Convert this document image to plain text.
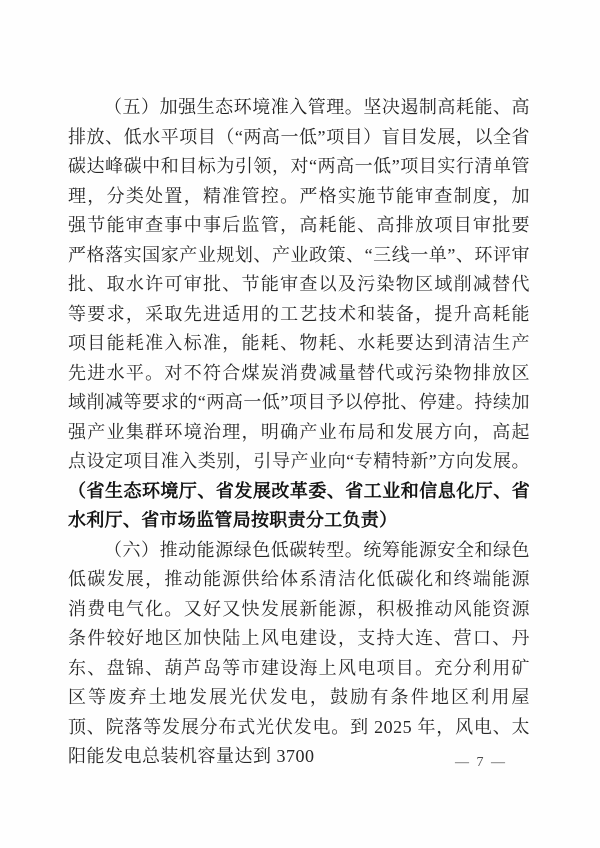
（五）加强生态环境准入管理。坚决遏制高耗能、高排放、低水平项目（“两高一低”项目）盲目发展，以全省碳达峰碳中和目标为引领，对“两高一低”项目实行清单管理，分类处置，精准管控。严格实施节能审查制度，加强节能审查事中事后监管，高耗能、高排放项目审批要严格落实国家产业规划、产业政策、“三线一单”、环评审批、取水许可审批、节能审查以及污染物区域削减替代等要求，采取先进适用的工艺技术和装备，提升高耗能项目能耗准入标准，能耗、物耗、水耗要达到清洁生产先进水平。对不符合煤炭消费减量替代或污染物排放区域削减等要求的“两高一低”项目予以停批、停建。持续加强产业集群环境治理，明确产业布局和发展方向，高起点设定项目准入类别，引导产业向“专精特新”方向发展。（省生态环境厅、省发展改革委、省工业和信息化厅、省水利厅、省市场监管局按职责分工负责）

（六）推动能源绿色低碳转型。统筹能源安全和绿色低碳发展，推动能源供给体系清洁化低碳化和终端能源消费电气化。又好又快发展新能源，积极推动风能资源条件较好地区加快陆上风电建设，支持大连、营口、丹东、盘锦、葫芦岛等市建设海上风电项目。充分利用矿区等废弃土地发展光伏发电，鼓励有条件地区利用屋顶、院落等发展分布式光伏发电。到 2025 年，风电、太阳能发电总装机容量达到 3700	— 7 —
